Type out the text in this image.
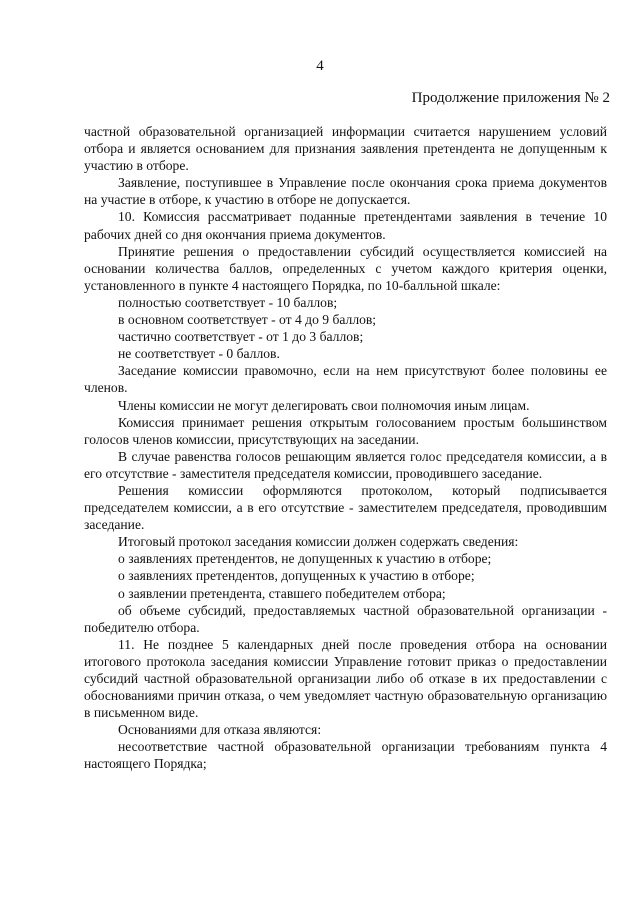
4
Продолжение приложения № 2

частной образовательной организацией информации считается нарушением условий отбора и является основанием для признания заявления претендента не допущенным к участию в отборе.

Заявление, поступившее в Управление после окончания срока приема документов на участие в отборе, к участию в отборе не допускается.

10. Комиссия рассматривает поданные претендентами заявления в течение 10 рабочих дней со дня окончания приема документов.

Принятие решения о предоставлении субсидий осуществляется комиссией на основании количества баллов, определенных с учетом каждого критерия оценки, установленного в пункте 4 настоящего Порядка, по 10-балльной шкале:

полностью соответствует - 10 баллов;

в основном соответствует - от 4 до 9 баллов;

частично соответствует - от 1 до 3 баллов;

не соответствует - 0 баллов.

Заседание комиссии правомочно, если на нем присутствуют более половины ее членов.

Члены комиссии не могут делегировать свои полномочия иным лицам.

Комиссия принимает решения открытым голосованием простым большинством голосов членов комиссии, присутствующих на заседании.

В случае равенства голосов решающим является голос председателя комиссии, а в его отсутствие - заместителя председателя комиссии, проводившего заседание.

Решения комиссии оформляются протоколом, который подписывается председателем комиссии, а в его отсутствие - заместителем председателя, проводившим заседание.

Итоговый протокол заседания комиссии должен содержать сведения:

о заявлениях претендентов, не допущенных к участию в отборе;

о заявлениях претендентов, допущенных к участию в отборе;

о заявлении претендента, ставшего победителем отбора;

об объеме субсидий, предоставляемых частной образовательной организации - победителю отбора.

11. Не позднее 5 календарных дней после проведения отбора на основании итогового протокола заседания комиссии Управление готовит приказ о предоставлении субсидий частной образовательной организации либо об отказе в их предоставлении с обоснованиями причин отказа, о чем уведомляет частную образовательную организацию в письменном виде.

Основаниями для отказа являются:

несоответствие частной образовательной организации требованиям пункта 4 настоящего Порядка;
